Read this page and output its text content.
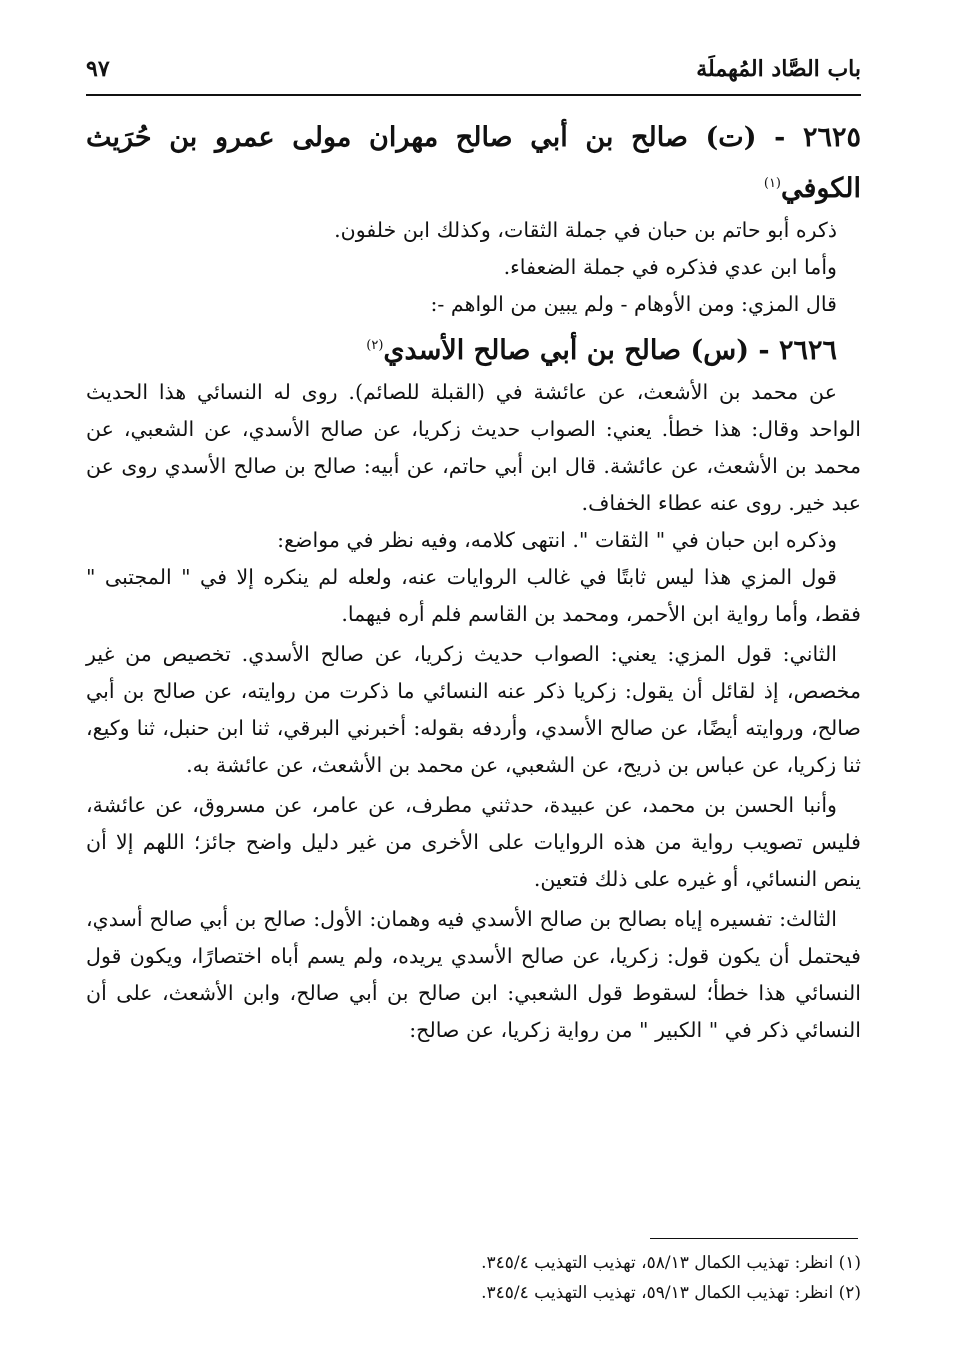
باب الصَّاد المُهملَة
٩٧
٢٦٢٥ - (ت) صالح بن أبي صالح مهران مولى عمرو بن حُرَيث الكوفي$^{(١)}$

ذكره أبو حاتم بن حبان في جملة الثقات، وكذلك ابن خلفون.

وأما ابن عدي فذكره في جملة الضعفاء.

قال المزي: ومن الأوهام - ولم يبين من الواهم -:

٢٦٢٦ - (س) صالح بن أبي صالح الأسدي$^{(٢)}$

عن محمد بن الأشعث، عن عائشة في (القبلة للصائم). روى له النسائي هذا الحديث الواحد وقال: هذا خطأ. يعني: الصواب حديث زكريا، عن صالح الأسدي، عن الشعبي، عن محمد بن الأشعث، عن عائشة. قال ابن أبي حاتم، عن أبيه: صالح بن صالح الأسدي روى عن عبد خير. روى عنه عطاء الخفاف.

وذكره ابن حبان في " الثقات ". انتهى كلامه، وفيه نظر في مواضع:

قول المزي هذا ليس ثابتًا في غالب الروايات عنه، ولعله لم ينكره إلا في " المجتبى " فقط، وأما رواية ابن الأحمر، ومحمد بن القاسم فلم أره فيهما.

الثاني: قول المزي: يعني: الصواب حديث زكريا، عن صالح الأسدي. تخصيص من غير مخصص، إذ لقائل أن يقول: زكريا ذكر عنه النسائي ما ذكرت من روايته، عن صالح بن أبي صالح، وروايته أيضًا، عن صالح الأسدي، وأردفه بقوله: أخبرني البرقي، ثنا ابن حنبل، ثنا وكيع، ثنا زكريا، عن عباس بن ذريح، عن الشعبي، عن محمد بن الأشعث، عن عائشة به.

وأنبا الحسن بن محمد، عن عبيدة، حدثني مطرف، عن عامر، عن مسروق، عن عائشة، فليس تصويب رواية من هذه الروايات على الأخرى من غير دليل واضح جائز؛ اللهم إلا أن ينص النسائي، أو غيره على ذلك فتعين.

الثالث: تفسيره إياه بصالح بن صالح الأسدي فيه وهمان: الأول: صالح بن أبي صالح أسدي، فيحتمل أن يكون قول: زكريا، عن صالح الأسدي يريده، ولم يسم أباه اختصارًا، ويكون قول النسائي هذا خطأ؛ لسقوط قول الشعبي: ابن صالح بن أبي صالح، وابن الأشعث، على أن النسائي ذكر في " الكبير " من رواية زكريا، عن صالح:

(١) انظر: تهذيب الكمال ٥٨/١٣، تهذيب التهذيب ٣٤٥/٤.
(٢) انظر: تهذيب الكمال ٥٩/١٣، تهذيب التهذيب ٣٤٥/٤.
